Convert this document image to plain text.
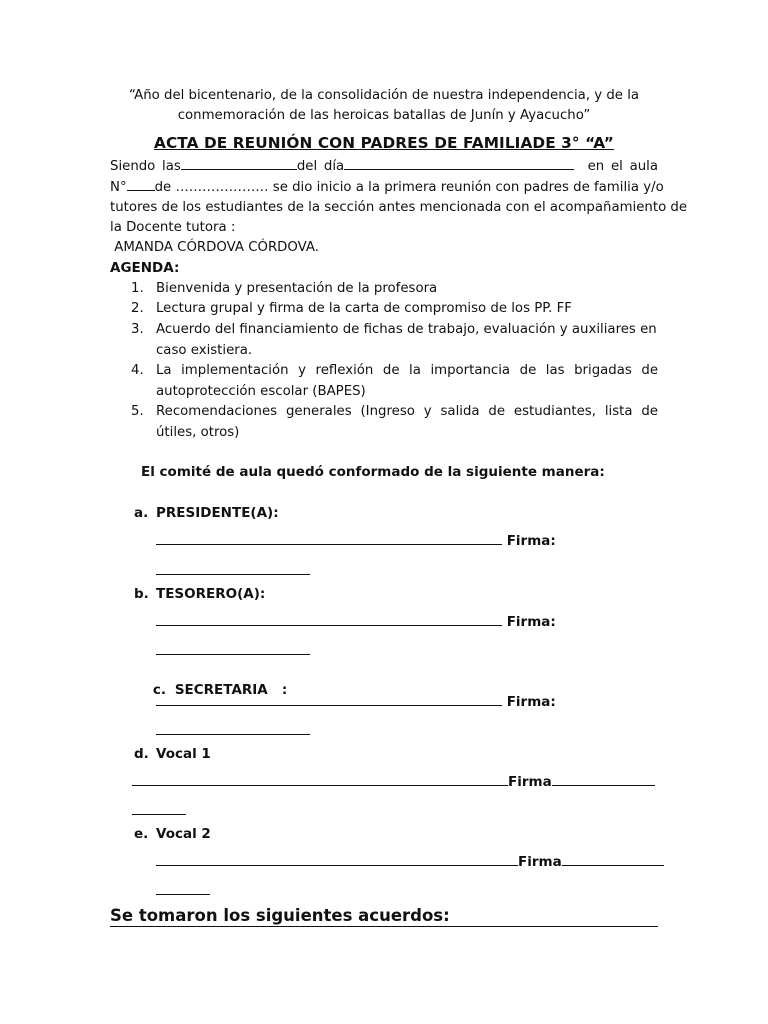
“Año del bicentenario, de la consolidación de nuestra independencia, y de la
conmemoración de las heroicas batallas de Junín y Ayacucho”
ACTA DE REUNIÓN CON PADRES DE FAMILIADE 3° “A”
Siendo las	del día	en el aula
N° de ………………… se dio inicio a la primera reunión con padres de familia y/o
tutores de los estudiantes de la sección antes mencionada con el acompañamiento de
la Docente tutora :
AMANDA CÓRDOVA CÓRDOVA.
AGENDA:
1. Bienvenida y presentación de la profesora
2. Lectura grupal y firma de la carta de compromiso de los PP. FF
3. Acuerdo del financiamiento de fichas de trabajo, evaluación y auxiliares en caso existiera.
4. La implementación y reflexión de la importancia de las brigadas de autoprotección escolar (BAPES)
5. Recomendaciones generales (Ingreso y salida de estudiantes, lista de útiles, otros)
El comité de aula quedó conformado de la siguiente manera:
a. PRESIDENTE(A):
Firma:
b. TESORERO(A):
Firma:

c. SECRETARIA   :

Firma:
d. Vocal 1
Firma
e. Vocal 2
Firma
Se tomaron los siguientes acuerdos:
